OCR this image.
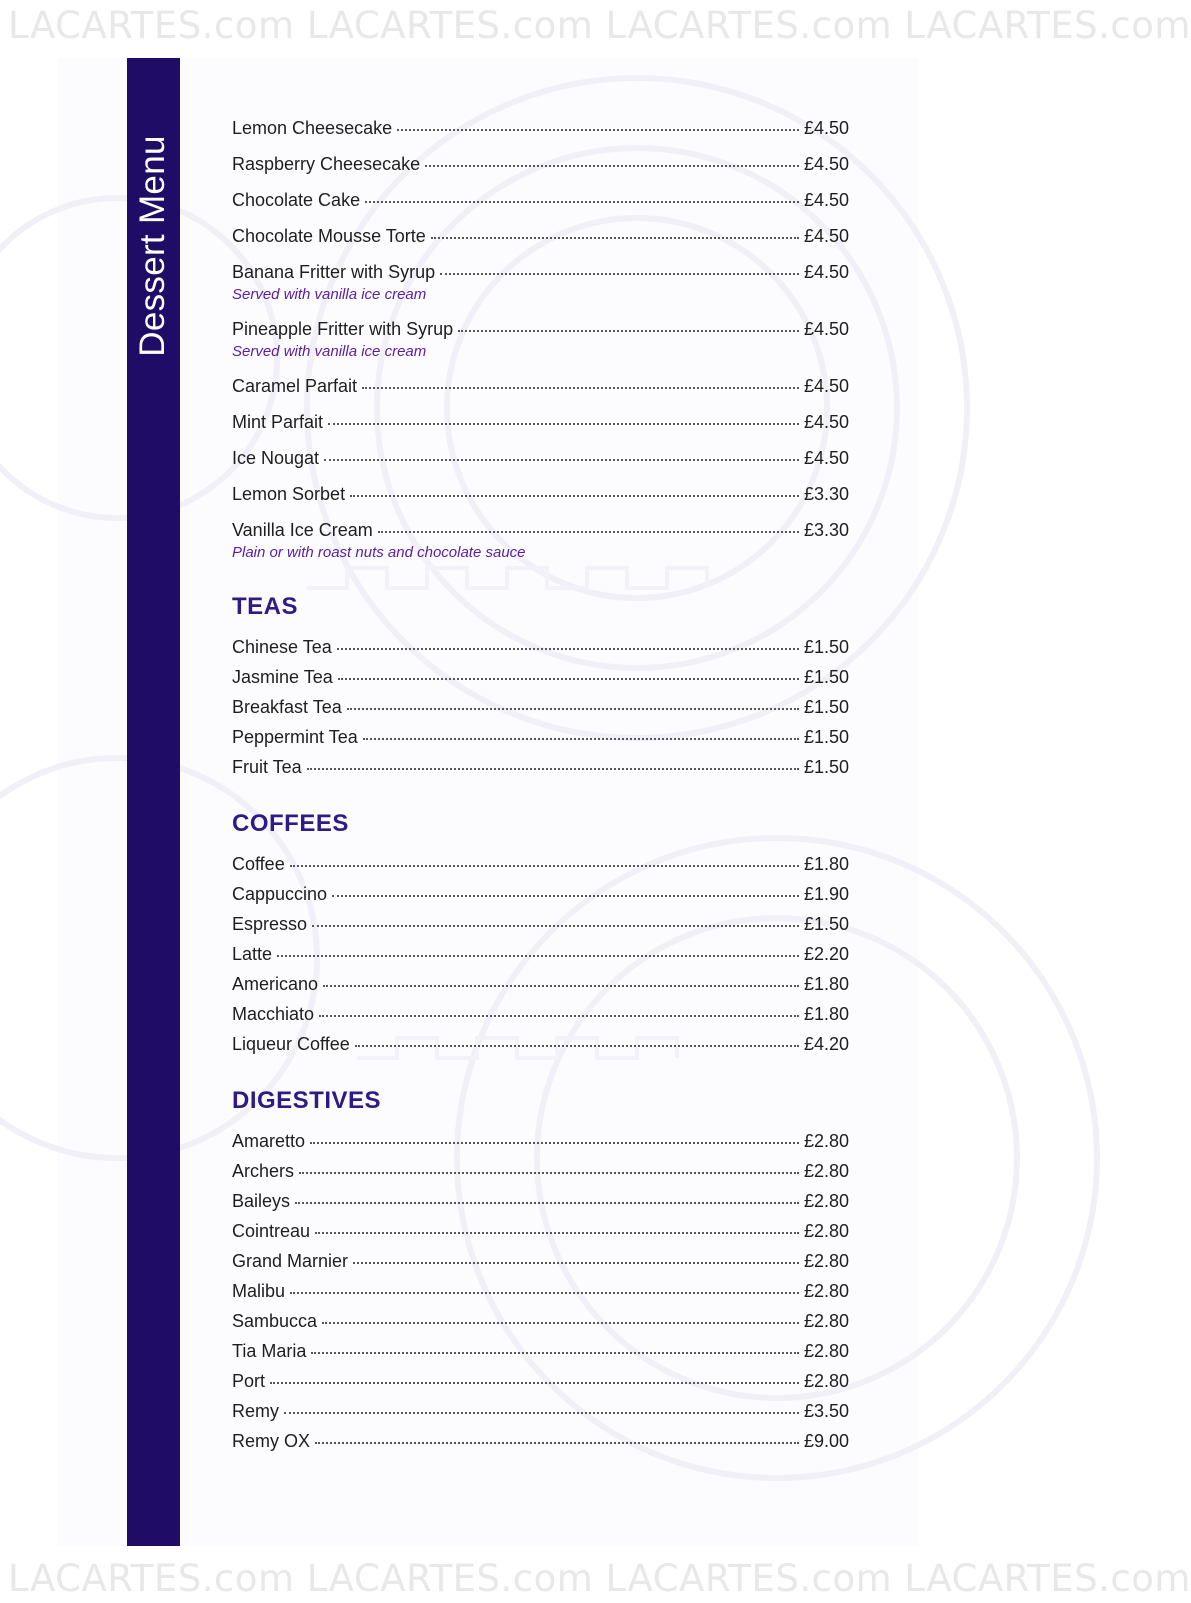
LACARTES.com LACARTES.com LACARTES.com LACARTES.com
Dessert Menu
Lemon Cheesecake	£4.50
Raspberry Cheesecake	£4.50
Chocolate Cake	£4.50
Chocolate Mousse Torte	£4.50
Banana Fritter with Syrup	£4.50
Served with vanilla ice cream
Pineapple Fritter with Syrup	£4.50
Served with vanilla ice cream
Caramel Parfait	£4.50
Mint Parfait	£4.50
Ice Nougat	£4.50
Lemon Sorbet	£3.30
Vanilla Ice Cream	£3.30
Plain or with roast nuts and chocolate sauce
TEAS
Chinese Tea	£1.50
Jasmine Tea	£1.50
Breakfast Tea	£1.50
Peppermint Tea	£1.50
Fruit Tea	£1.50
COFFEES
Coffee	£1.80
Cappuccino	£1.90
Espresso	£1.50
Latte	£2.20
Americano	£1.80
Macchiato	£1.80
Liqueur Coffee	£4.20
DIGESTIVES
Amaretto	£2.80
Archers	£2.80
Baileys	£2.80
Cointreau	£2.80
Grand Marnier	£2.80
Malibu	£2.80
Sambucca	£2.80
Tia Maria	£2.80
Port	£2.80
Remy	£3.50
Remy OX	£9.00
LACARTES.com LACARTES.com LACARTES.com LACARTES.com
